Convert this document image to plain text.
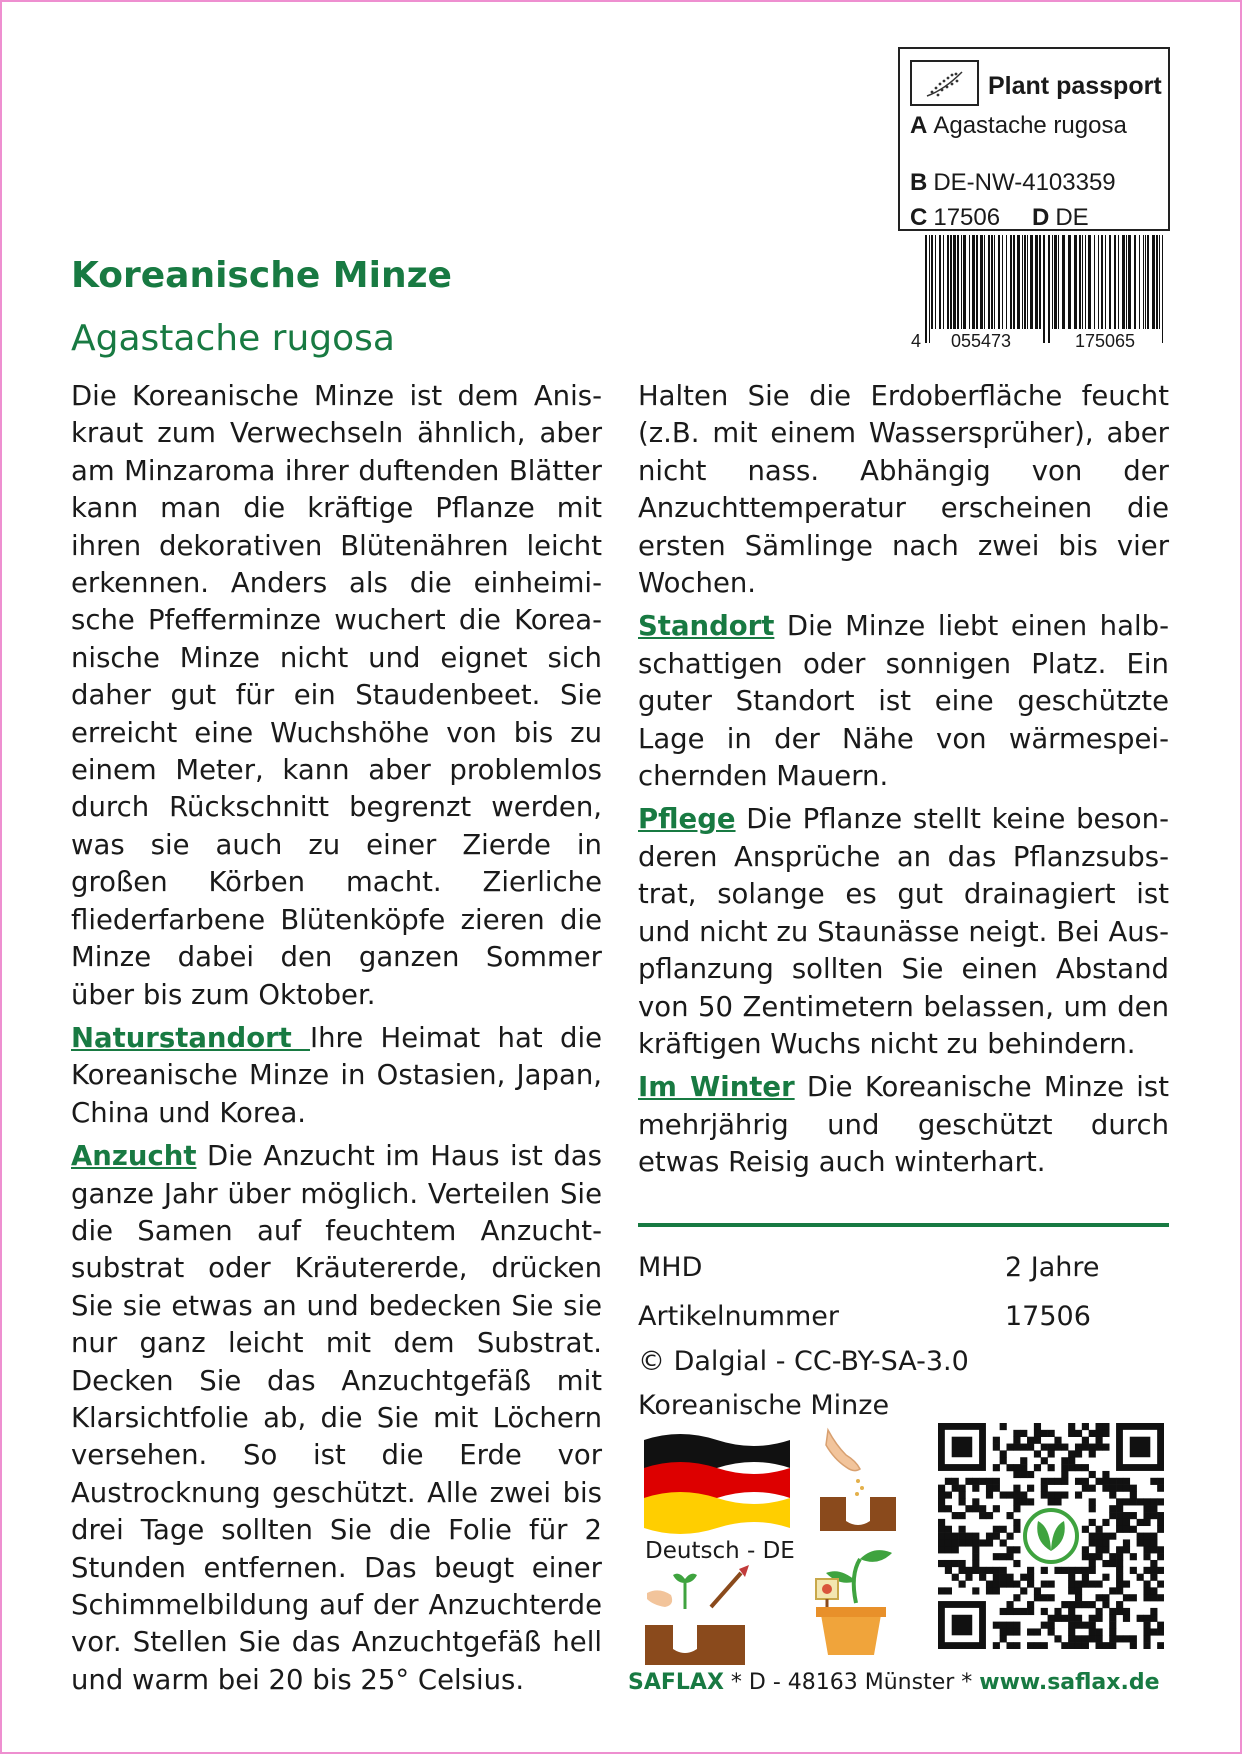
Koreanische Minze
Agastache rugosa
Plant passport
A Agastache rugosa
B DE-NW-4103359
C 17506 D DE
4 055473	175065

Die Koreanische Minze ist dem Aniskraut zum Verwechseln ähnlich, aber am Minzaroma ihrer duftenden Blätter kann man die kräftige Pflanze mit ihren dekorativen Blütenähren leicht erkennen. Anders als die einheimische Pfefferminze wuchert die Koreanische Minze nicht und eignet sich daher gut für ein Staudenbeet. Sie erreicht eine Wuchshöhe von bis zu einem Meter, kann aber problemlos durch Rückschnitt begrenzt werden, was sie auch zu einer Zierde in großen Körben macht. Zierliche fliederfarbene Blütenköpfe zieren die Minze dabei den ganzen Sommer über bis zum Oktober.

Naturstandort Ihre Heimat hat die Koreanische Minze in Ostasien, Japan, China und Korea.

Anzucht Die Anzucht im Haus ist das ganze Jahr über möglich. Verteilen Sie die Samen auf feuchtem Anzuchtsubstrat oder Kräutererde, drücken Sie sie etwas an und bedecken Sie sie nur ganz leicht mit dem Substrat. Decken Sie das Anzuchtgefäß mit Klarsichtfolie ab, die Sie mit Löchern versehen. So ist die Erde vor Austrocknung geschützt. Alle zwei bis drei Tage sollten Sie die Folie für 2 Stunden entfernen. Das beugt einer Schimmelbildung auf der Anzuchterde vor. Stellen Sie das Anzuchtgefäß hell und warm bei 20 bis 25° Celsius.

Halten Sie die Erdoberfläche feucht (z.B. mit einem Wassersprüher), aber nicht nass. Abhängig von der Anzuchttemperatur erscheinen die ersten Sämlinge nach zwei bis vier Wochen.

Standort Die Minze liebt einen halbschattigen oder sonnigen Platz. Ein guter Standort ist eine geschützte Lage in der Nähe von wärmespeichernden Mauern.

Pflege Die Pflanze stellt keine besonderen Ansprüche an das Pflanzsubstrat, solange es gut drainagiert ist und nicht zu Staunässe neigt. Bei Auspflanzung sollten Sie einen Abstand von 50 Zentimetern belassen, um den kräftigen Wuchs nicht zu behindern.

Im Winter Die Koreanische Minze ist mehrjährig und geschützt durch etwas Reisig auch winterhart.

MHD	2 Jahre
Artikelnummer	17506
© Dalgial - CC-BY-SA-3.0
Koreanische Minze
Deutsch - DE
SAFLAX * D - 48163 Münster * www.saflax.de
